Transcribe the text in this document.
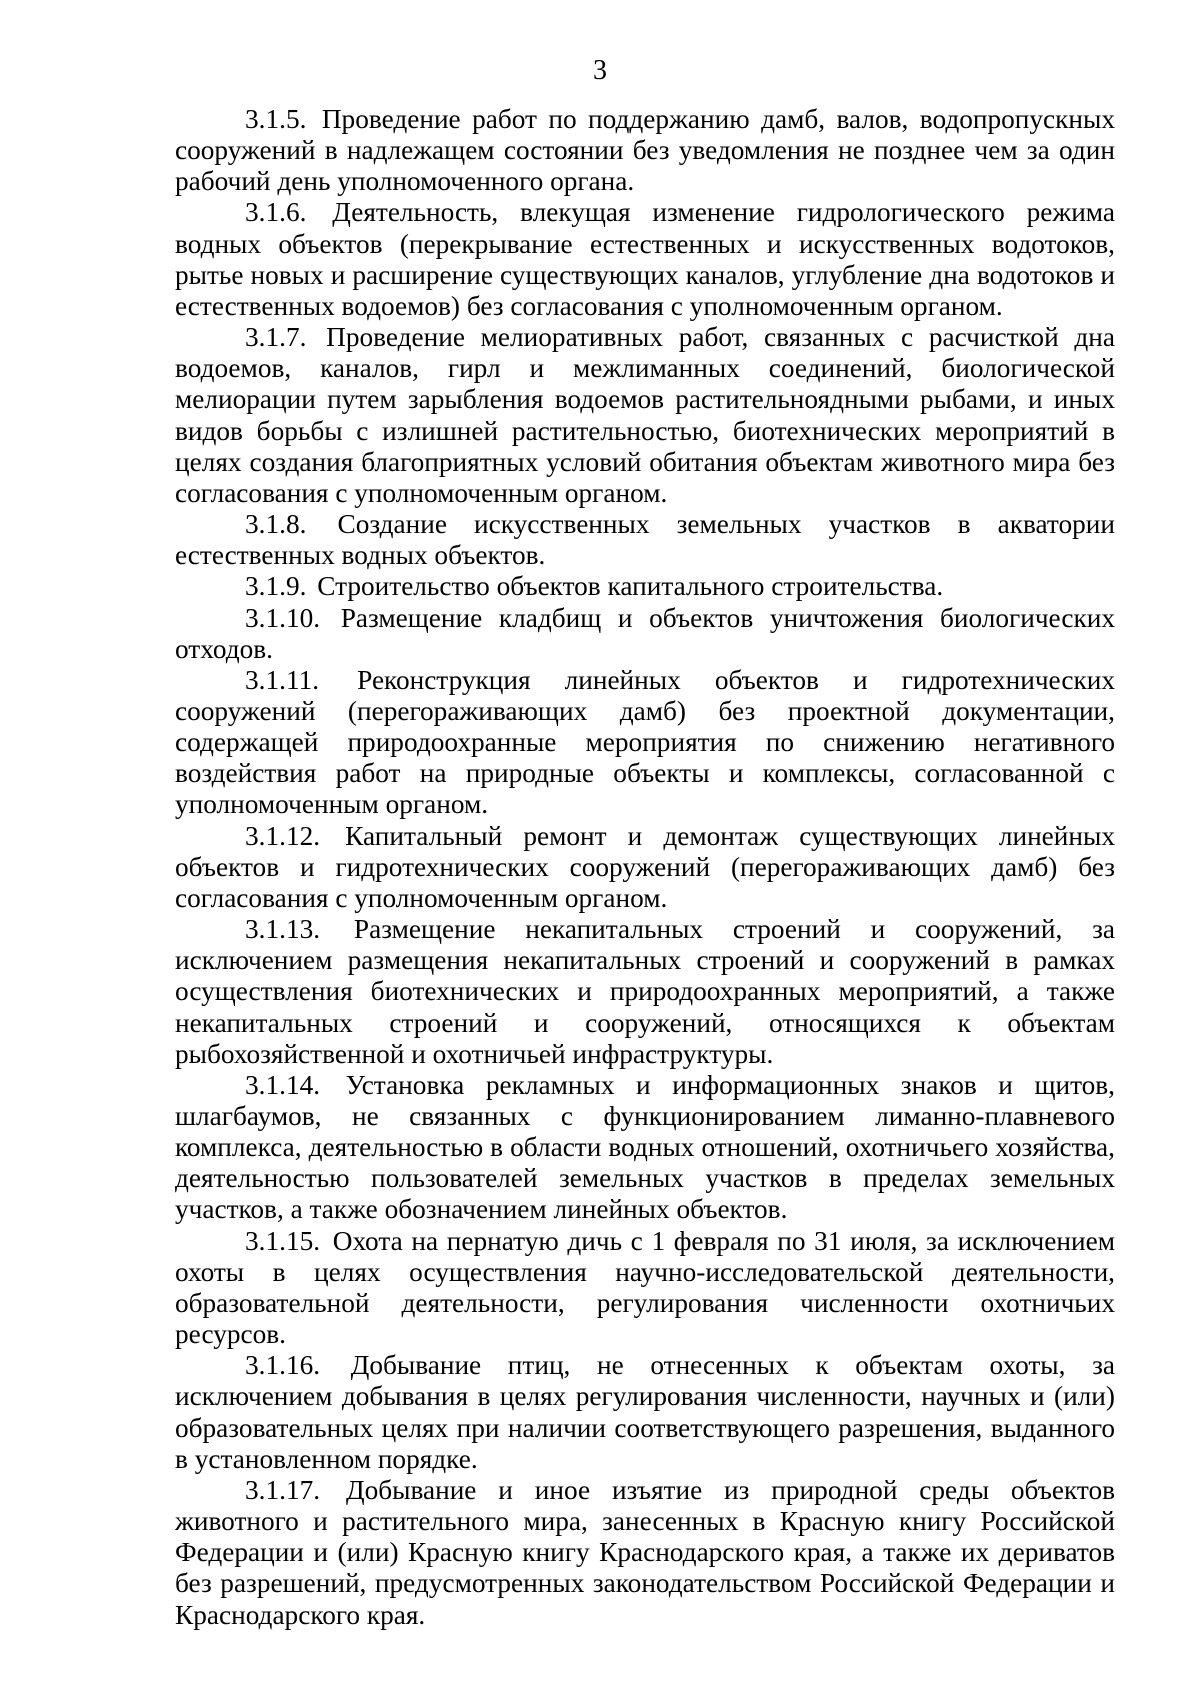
3

3.1.5. Проведение работ по поддержанию дамб, валов, водопропускных сооружений в надлежащем состоянии без уведомления не позднее чем за один рабочий день уполномоченного органа.

3.1.6. Деятельность, влекущая изменение гидрологического режима водных объектов (перекрывание естественных и искусственных водотоков, рытье новых и расширение существующих каналов, углубление дна водотоков и естественных водоемов) без согласования с уполномоченным органом.

3.1.7. Проведение мелиоративных работ, связанных с расчисткой дна водоемов, каналов, гирл и межлиманных соединений, биологической мелиорации путем зарыбления водоемов растительноядными рыбами, и иных видов борьбы с излишней растительностью, биотехнических мероприятий в целях создания благоприятных условий обитания объектам животного мира без согласования с уполномоченным органом.

3.1.8. Создание искусственных земельных участков в акватории естественных водных объектов.

3.1.9. Строительство объектов капитального строительства.

3.1.10. Размещение кладбищ и объектов уничтожения биологических отходов.

3.1.11. Реконструкция линейных объектов и гидротехнических сооружений (перегораживающих дамб) без проектной документации, содержащей природоохранные мероприятия по снижению негативного воздействия работ на природные объекты и комплексы, согласованной с уполномоченным органом.

3.1.12. Капитальный ремонт и демонтаж существующих линейных объектов и гидротехнических сооружений (перегораживающих дамб) без согласования с уполномоченным органом.

3.1.13. Размещение некапитальных строений и сооружений, за исключением размещения некапитальных строений и сооружений в рамках осуществления биотехнических и природоохранных мероприятий, а также некапитальных строений и сооружений, относящихся к объектам рыбохозяйственной и охотничьей инфраструктуры.

3.1.14. Установка рекламных и информационных знаков и щитов, шлагбаумов, не связанных с функционированием лиманно-плавневого комплекса, деятельностью в области водных отношений, охотничьего хозяйства, деятельностью пользователей земельных участков в пределах земельных участков, а также обозначением линейных объектов.

3.1.15. Охота на пернатую дичь с 1 февраля по 31 июля, за исключением охоты в целях осуществления научно-исследовательской деятельности, образовательной деятельности, регулирования численности охотничьих ресурсов.

3.1.16. Добывание птиц, не отнесенных к объектам охоты, за исключением добывания в целях регулирования численности, научных и (или) образовательных целях при наличии соответствующего разрешения, выданного в установленном порядке.

3.1.17. Добывание и иное изъятие из природной среды объектов животного и растительного мира, занесенных в Красную книгу Российской Федерации и (или) Красную книгу Краснодарского края, а также их дериватов без разрешений, предусмотренных законодательством Российской Федерации и Краснодарского края.
